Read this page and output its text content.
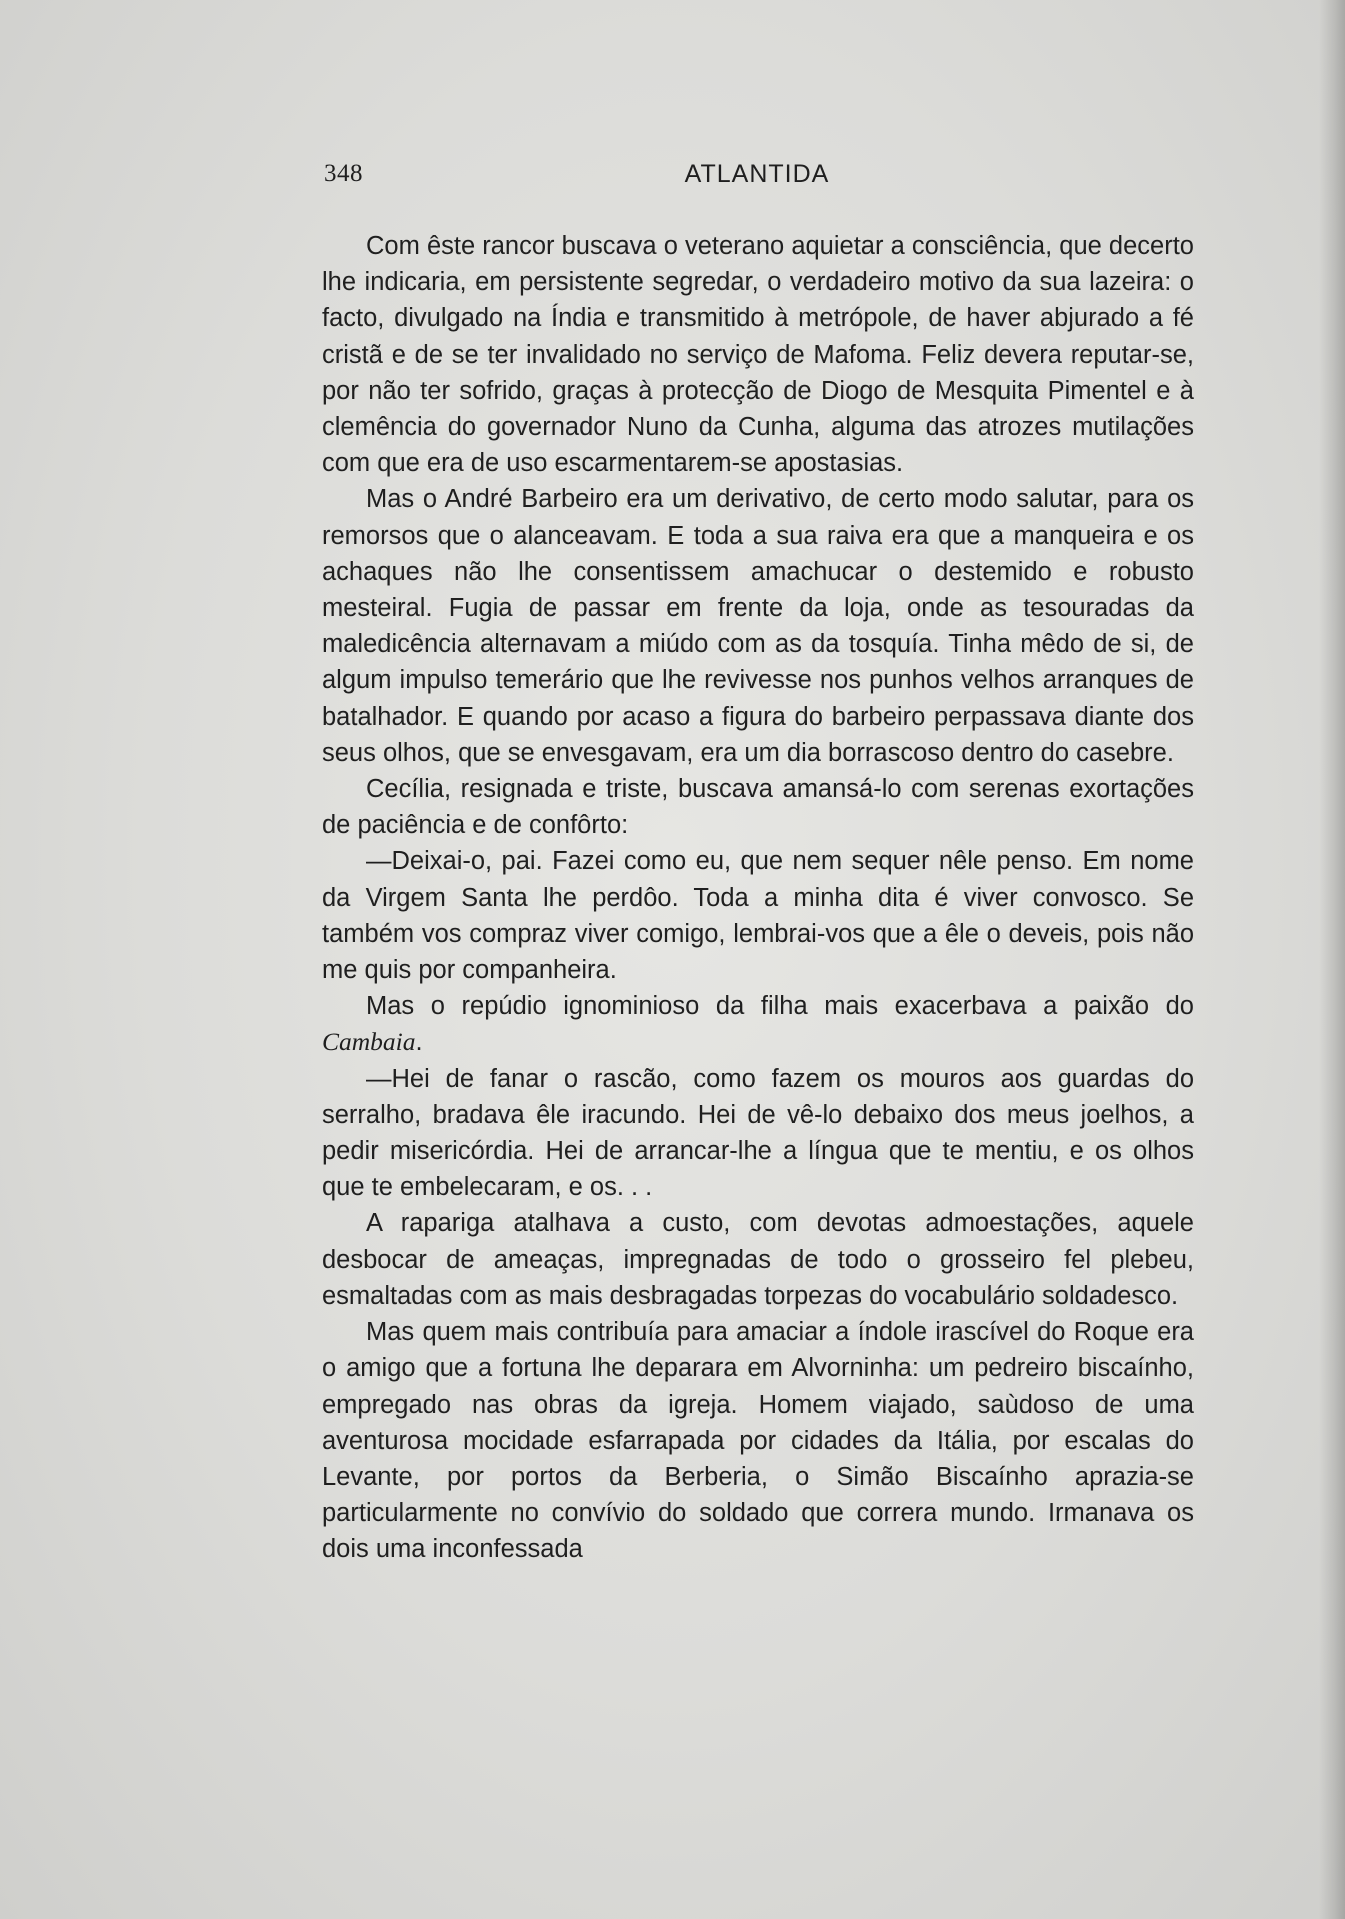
348	ATLANTIDA

Com êste rancor buscava o veterano aquietar a consciência, que decerto lhe indicaria, em persistente segredar, o verdadeiro motivo da sua lazeira: o facto, divulgado na Índia e transmitido à metrópole, de haver abjurado a fé cristã e de se ter invalidado no serviço de Mafoma. Feliz devera reputar-se, por não ter sofrido, graças à protecção de Diogo de Mesquita Pimentel e à clemência do governador Nuno da Cunha, alguma das atrozes mutilações com que era de uso escarmentarem-se apostasias.

Mas o André Barbeiro era um derivativo, de certo modo salutar, para os remorsos que o alanceavam. E toda a sua raiva era que a manqueira e os achaques não lhe consentissem amachucar o destemido e robusto mesteiral. Fugia de passar em frente da loja, onde as tesouradas da maledicência alternavam a miúdo com as da tosquía. Tinha mêdo de si, de algum impulso temerário que lhe revivesse nos punhos velhos arranques de batalhador. E quando por acaso a figura do barbeiro perpassava diante dos seus olhos, que se envesgavam, era um dia borrascoso dentro do casebre.

Cecília, resignada e triste, buscava amansá-lo com serenas exortações de paciência e de confôrto:

—Deixai-o, pai. Fazei como eu, que nem sequer nêle penso. Em nome da Virgem Santa lhe perdôo. Toda a minha dita é viver convosco. Se também vos compraz viver comigo, lembrai-vos que a êle o deveis, pois não me quis por companheira.

Mas o repúdio ignominioso da filha mais exacerbava a paixão do Cambaia.

—Hei de fanar o rascão, como fazem os mouros aos guardas do serralho, bradava êle iracundo. Hei de vê-lo debaixo dos meus joelhos, a pedir misericórdia. Hei de arrancar-lhe a língua que te mentiu, e os olhos que te embelecaram, e os. . .

A rapariga atalhava a custo, com devotas admoestações, aquele desbocar de ameaças, impregnadas de todo o grosseiro fel plebeu, esmaltadas com as mais desbragadas torpezas do vocabulário soldadesco.

Mas quem mais contribuía para amaciar a índole irascível do Roque era o amigo que a fortuna lhe deparara em Alvorninha: um pedreiro biscaínho, empregado nas obras da igreja. Homem viajado, saùdoso de uma aventurosa mocidade esfarrapada por cidades da Itália, por escalas do Levante, por portos da Berberia, o Simão Biscaínho aprazia-se particularmente no convívio do soldado que correra mundo. Irmanava os dois uma inconfessada
